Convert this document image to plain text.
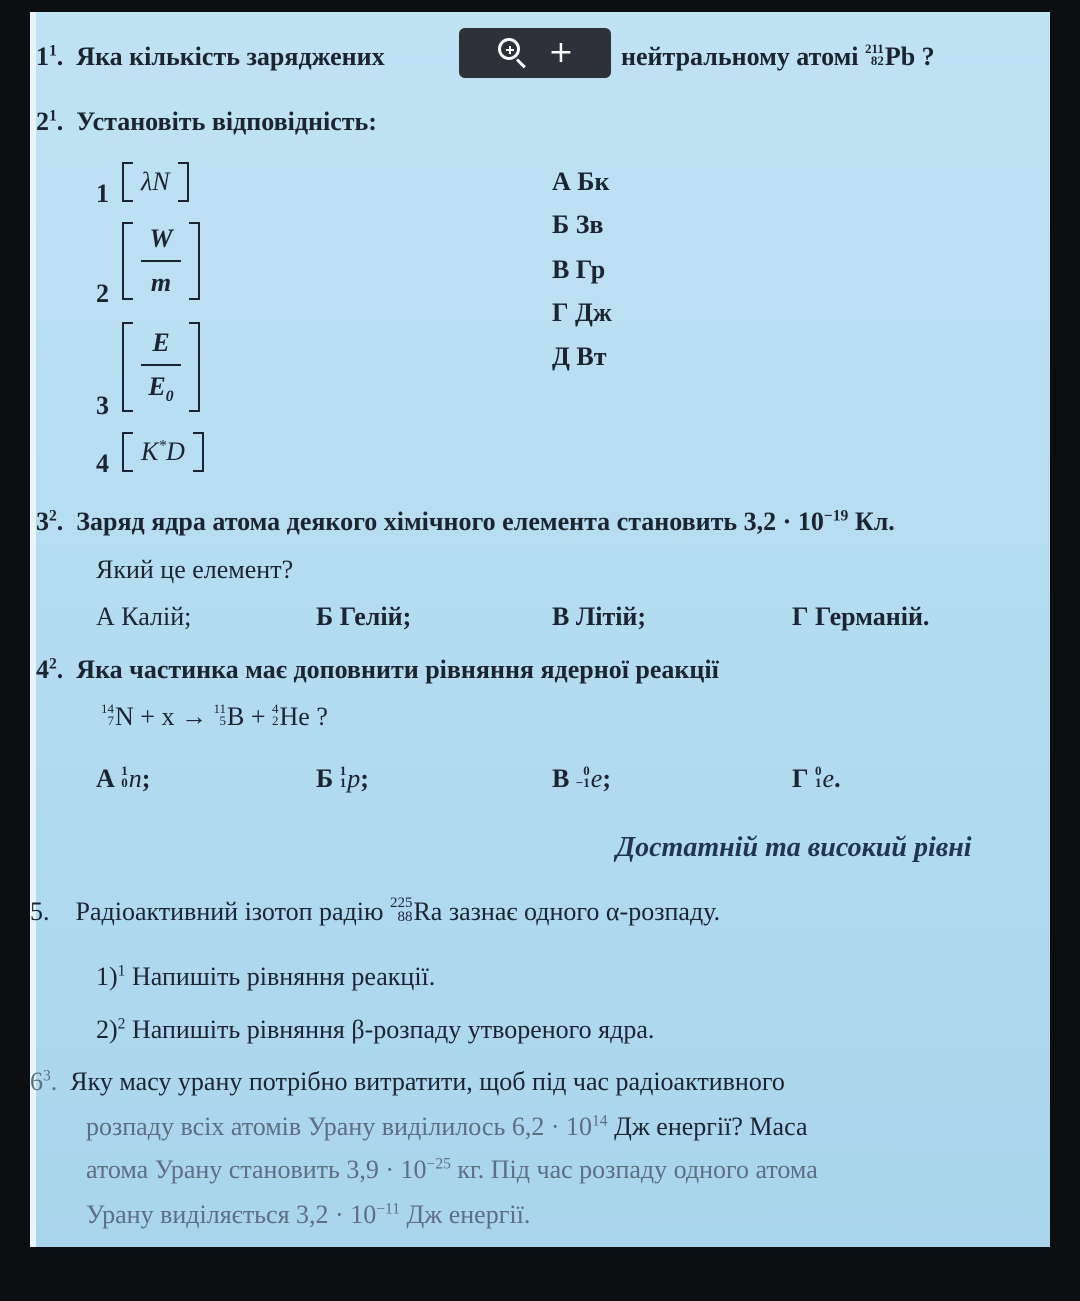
$1^1$. Яка кількість заряджених	нейтральному атомі 211
82 Pb ?
+
$2^1$. Установіть відповідність:
1	λN
$2 \frac{W}{m}$
$3 \frac{E}{E_0}$
4	K*D
А Бк
Б Зв
В Гр
Г Дж
Д Вт
$3^2$. Заряд ядра атома деякого хімічного елемента становить $3,2 \cdot 10^{-19}$ Кл.
Який це елемент?
А Калій;	Б Гелій;	В Літій;	Г Германій.
$4^2$. Яка частинка має доповнити рівняння ядерної реакції
14
7 N + x → 11
5 B + 4
2 He ?
А 1
0 n;	Б 1
1 p;	В 0
−1 e;	Г 0
1 e.
Достатній та високий рівні
5. Радіоактивний ізотоп радію 225
88 Ra зазнає одного α-розпаду.
1)$^1$ Напишіть рівняння реакції.
2)$^2$ Напишіть рівняння β-розпаду утвореного ядра.
$6^3$. Яку масу урану потрібно витратити, щоб під час радіоактивного
розпаду всіх атомів Урану виділилось $6,2 \cdot 10^{14}$ Дж енергії? Маса
атома Урану становить $3,9 \cdot 10^{-25}$ кг. Під час розпаду одного атома
Урану виділяється $3,2 \cdot 10^{-11}$ Дж енергії.
